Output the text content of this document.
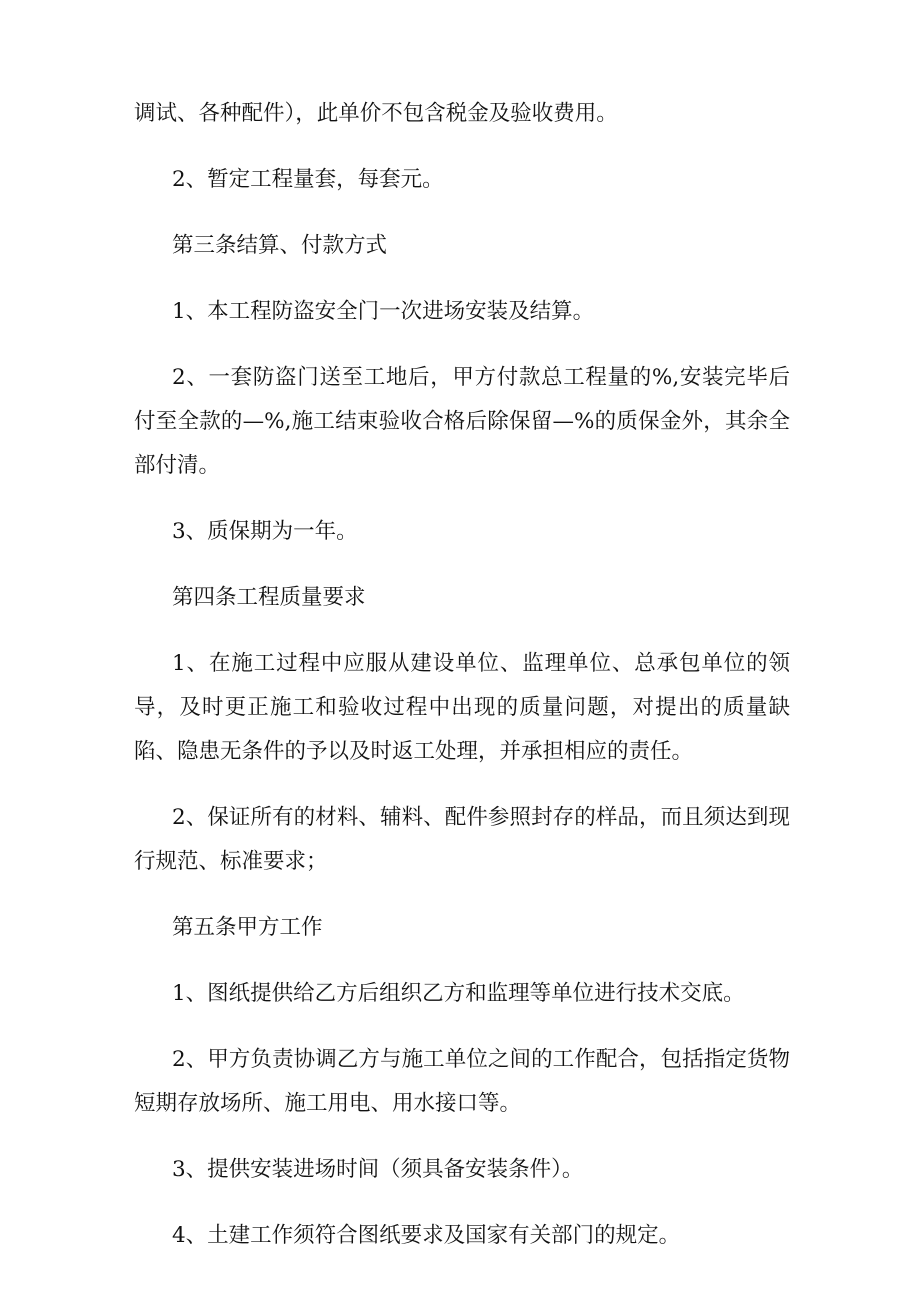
调试、各种配件），此单价不包含税金及验收费用。

2、暂定工程量套，每套元。

第三条结算、付款方式

1、本工程防盗安全门一次进场安装及结算。

2、一套防盗门送至工地后，甲方付款总工程量的%,安装完毕后付至全款的—%,施工结束验收合格后除保留—%的质保金外，其余全部付清。

3、质保期为一年。

第四条工程质量要求

1、在施工过程中应服从建设单位、监理单位、总承包单位的领导，及时更正施工和验收过程中出现的质量问题，对提出的质量缺陷、隐患无条件的予以及时返工处理，并承担相应的责任。

2、保证所有的材料、辅料、配件参照封存的样品，而且须达到现行规范、标准要求；

第五条甲方工作

1、图纸提供给乙方后组织乙方和监理等单位进行技术交底。

2、甲方负责协调乙方与施工单位之间的工作配合，包括指定货物短期存放场所、施工用电、用水接口等。

3、提供安装进场时间（须具备安装条件）。

4、土建工作须符合图纸要求及国家有关部门的规定。
